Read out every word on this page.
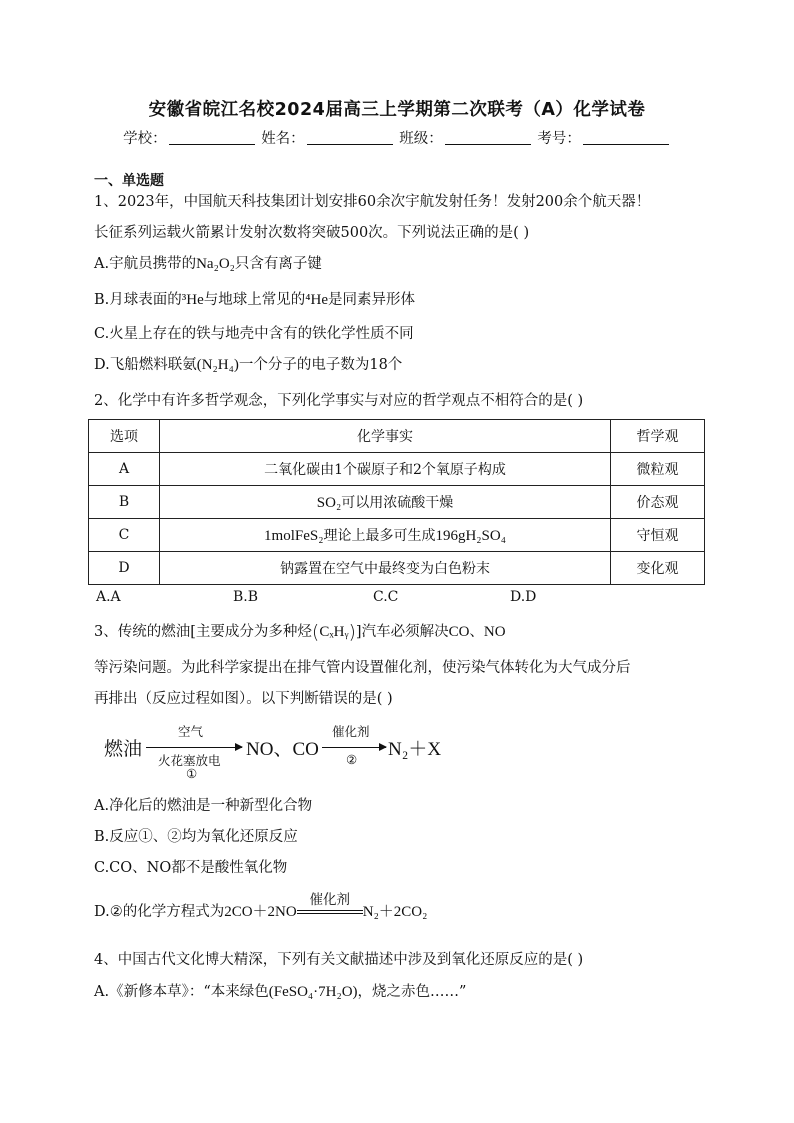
安徽省皖江名校2024届高三上学期第二次联考（A）化学试卷
学校：	姓名：	班级：	考号：
一、单选题
1、2023年，中国航天科技集团计划安排60余次宇航发射任务！发射200余个航天器！
长征系列运载火箭累计发射次数将突破500次。下列说法正确的是( )
A.宇航员携带的Na₂O₂只含有离子键
B.月球表面的³He与地球上常见的⁴He是同素异形体
C.火星上存在的铁与地壳中含有的铁化学性质不同
D.飞船燃料联氨(N₂H₄)一个分子的电子数为18个
2、化学中有许多哲学观念，下列化学事实与对应的哲学观点不相符合的是( )
选项	化学事实	哲学观
A	二氧化碳由1个碳原子和2个氧原子构成	微粒观
B	SO₂可以用浓硫酸干燥	价态观
C	1molFeS₂理论上最多可生成196gH₂SO₄	守恒观
D	钠露置在空气中最终变为白色粉末	变化观
A.A	B.B	C.C	D.D
3、传统的燃油[主要成分为多种烃(CₓHᵧ)]汽车必须解决CO、NO
等污染问题。为此科学家提出在排气管内设置催化剂，使污染气体转化为大气成分后
再排出（反应过程如图）。以下判断错误的是( )
燃油
空气
火花塞放电
①
NO、CO
催化剂
② N₂＋X
A.净化后的燃油是一种新型化合物
B.反应①、②均为氧化还原反应
C.CO、NO都不是酸性氧化物
D.②的化学方程式为2CO＋2NO
催化剂
N₂＋2CO₂
4、中国古代文化博大精深，下列有关文献描述中涉及到氧化还原反应的是( )
A.《新修本草》：“本来绿色(FeSO₄·7H₂O)，烧之赤色……”
